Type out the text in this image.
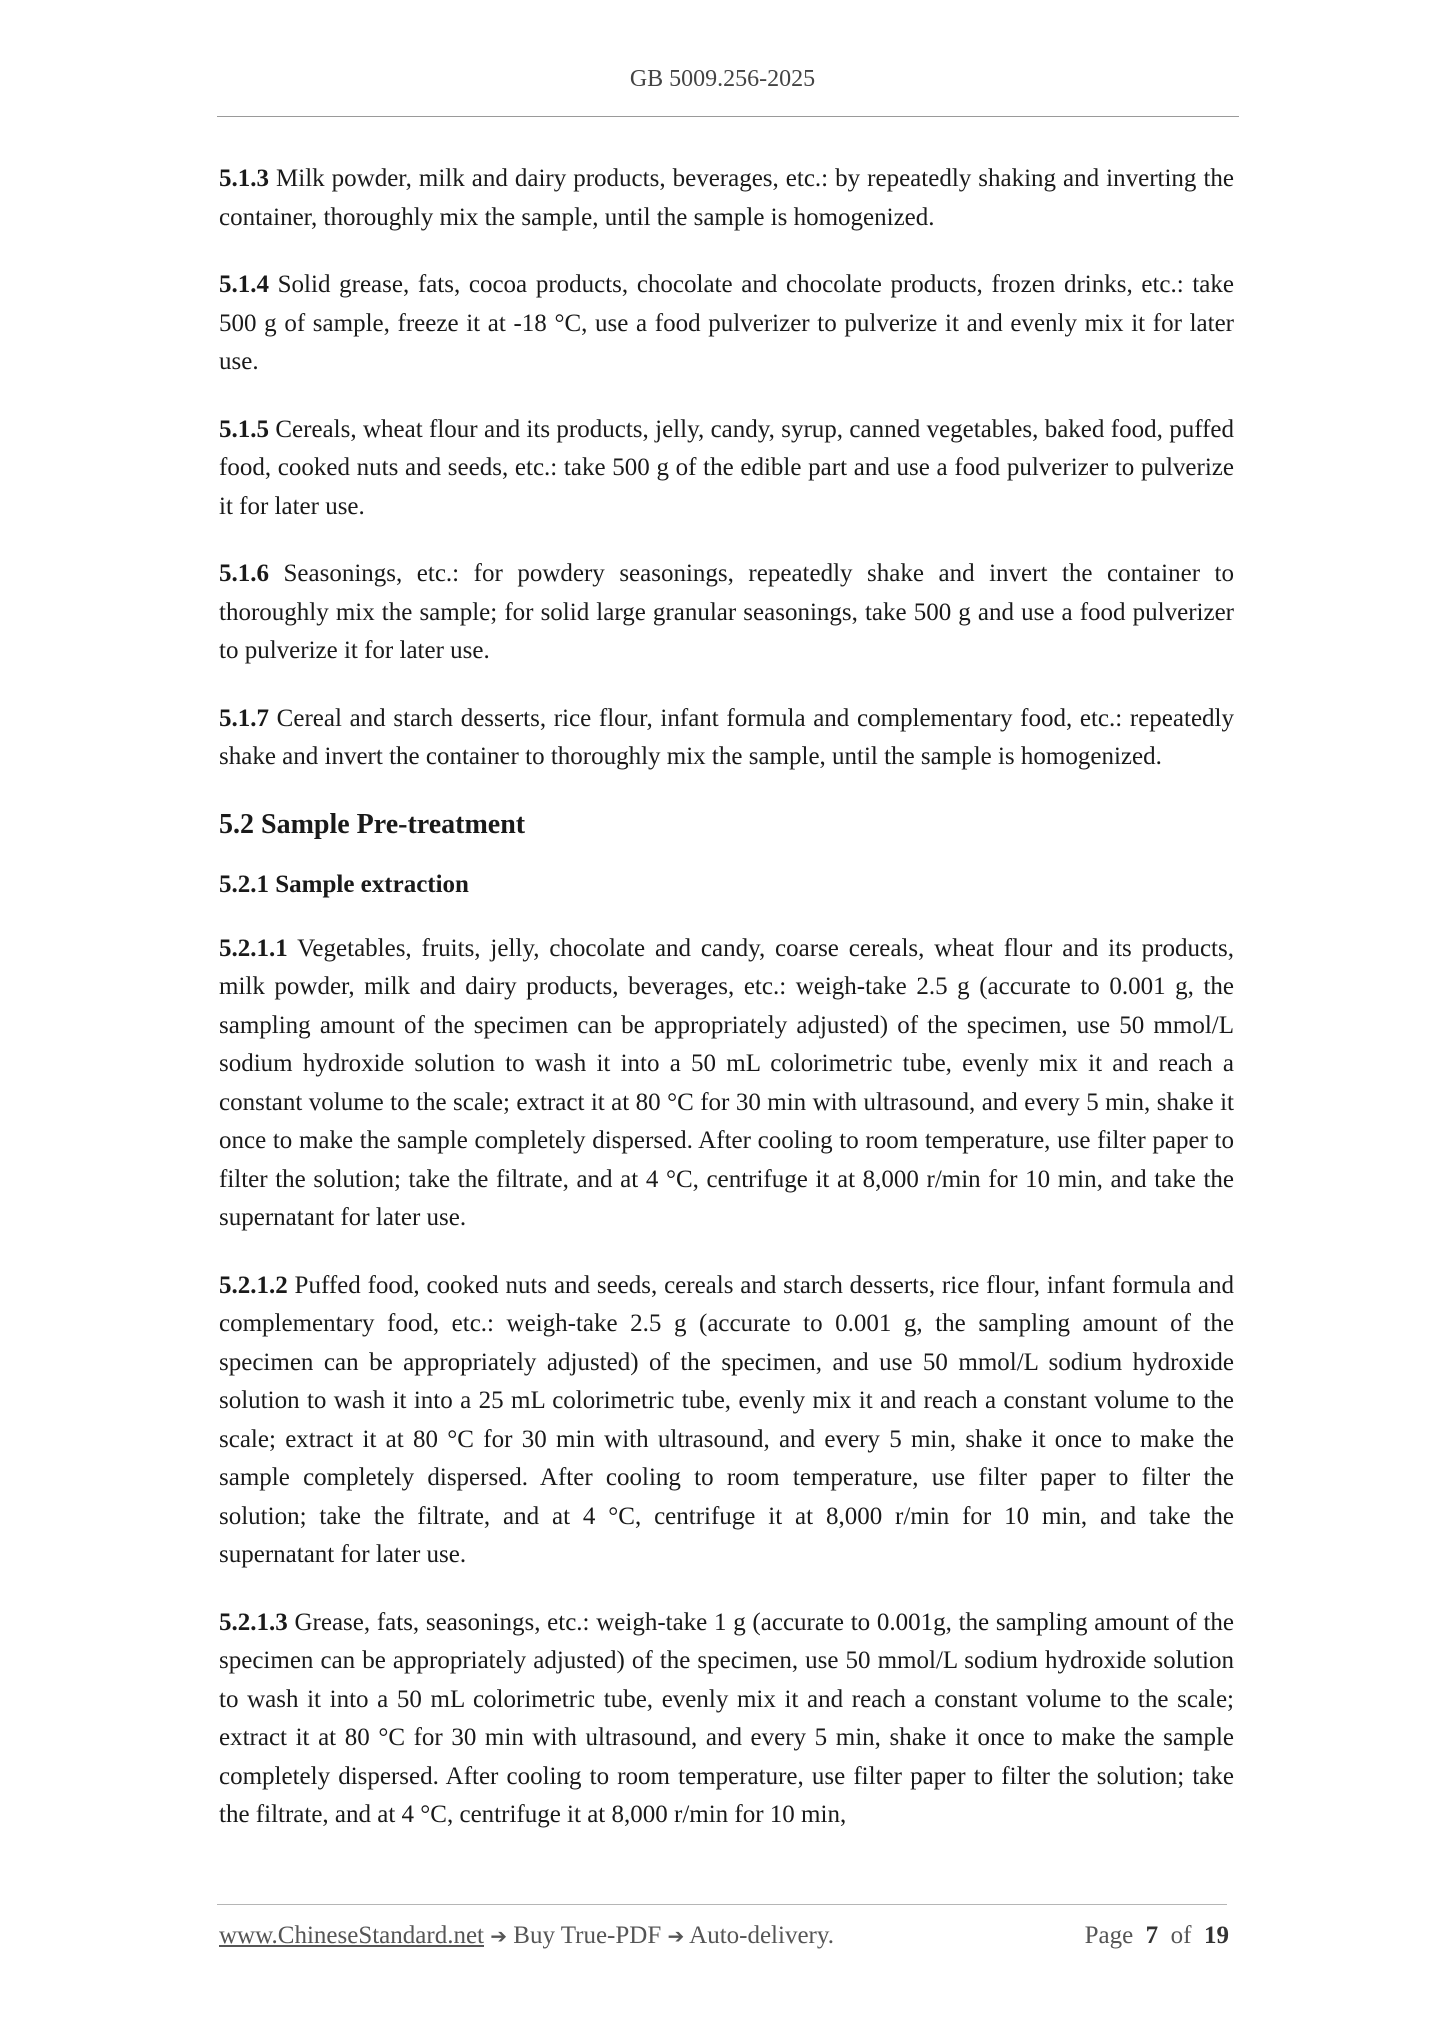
GB 5009.256-2025

5.1.3 Milk powder, milk and dairy products, beverages, etc.: by repeatedly shaking and inverting the container, thoroughly mix the sample, until the sample is homogenized.

5.1.4 Solid grease, fats, cocoa products, chocolate and chocolate products, frozen drinks, etc.: take 500 g of sample, freeze it at -18 °C, use a food pulverizer to pulverize it and evenly mix it for later use.

5.1.5 Cereals, wheat flour and its products, jelly, candy, syrup, canned vegetables, baked food, puffed food, cooked nuts and seeds, etc.: take 500 g of the edible part and use a food pulverizer to pulverize it for later use.

5.1.6 Seasonings, etc.: for powdery seasonings, repeatedly shake and invert the container to thoroughly mix the sample; for solid large granular seasonings, take 500 g and use a food pulverizer to pulverize it for later use.

5.1.7 Cereal and starch desserts, rice flour, infant formula and complementary food, etc.: repeatedly shake and invert the container to thoroughly mix the sample, until the sample is homogenized.

5.2 Sample Pre-treatment
5.2.1 Sample extraction

5.2.1.1 Vegetables, fruits, jelly, chocolate and candy, coarse cereals, wheat flour and its products, milk powder, milk and dairy products, beverages, etc.: weigh-take 2.5 g (accurate to 0.001 g, the sampling amount of the specimen can be appropriately adjusted) of the specimen, use 50 mmol/L sodium hydroxide solution to wash it into a 50 mL colorimetric tube, evenly mix it and reach a constant volume to the scale; extract it at 80 °C for 30 min with ultrasound, and every 5 min, shake it once to make the sample completely dispersed. After cooling to room temperature, use filter paper to filter the solution; take the filtrate, and at 4 °C, centrifuge it at 8,000 r/min for 10 min, and take the supernatant for later use.

5.2.1.2 Puffed food, cooked nuts and seeds, cereals and starch desserts, rice flour, infant formula and complementary food, etc.: weigh-take 2.5 g (accurate to 0.001 g, the sampling amount of the specimen can be appropriately adjusted) of the specimen, and use 50 mmol/L sodium hydroxide solution to wash it into a 25 mL colorimetric tube, evenly mix it and reach a constant volume to the scale; extract it at 80 °C for 30 min with ultrasound, and every 5 min, shake it once to make the sample completely dispersed. After cooling to room temperature, use filter paper to filter the solution; take the filtrate, and at 4 °C, centrifuge it at 8,000 r/min for 10 min, and take the supernatant for later use.

5.2.1.3 Grease, fats, seasonings, etc.: weigh-take 1 g (accurate to 0.001g, the sampling amount of the specimen can be appropriately adjusted) of the specimen, use 50 mmol/L sodium hydroxide solution to wash it into a 50 mL colorimetric tube, evenly mix it and reach a constant volume to the scale; extract it at 80 °C for 30 min with ultrasound, and every 5 min, shake it once to make the sample completely dispersed. After cooling to room temperature, use filter paper to filter the solution; take the filtrate, and at 4 °C, centrifuge it at 8,000 r/min for 10 min,

www.ChineseStandard.net ➔ Buy True-PDF ➔ Auto-delivery.	Page 7 of 19
